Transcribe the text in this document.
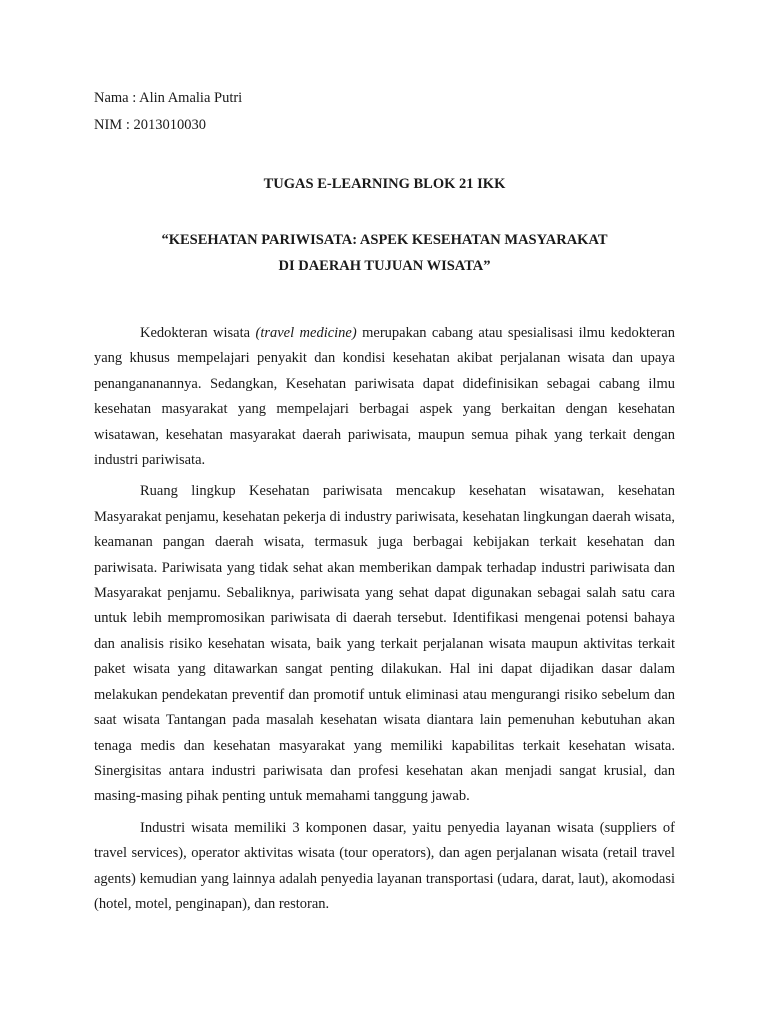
Nama : Alin Amalia Putri

NIM : 2013010030

TUGAS E-LEARNING BLOK 21 IKK

“KESEHATAN PARIWISATA: ASPEK KESEHATAN MASYARAKAT

DI DAERAH TUJUAN WISATA”

Kedokteran wisata (travel medicine) merupakan cabang atau spesialisasi ilmu kedokteran yang khusus mempelajari penyakit dan kondisi kesehatan akibat perjalanan wisata dan upaya penangananannya. Sedangkan, Kesehatan pariwisata dapat didefinisikan sebagai cabang ilmu kesehatan masyarakat yang mempelajari berbagai aspek yang berkaitan dengan kesehatan wisatawan, kesehatan masyarakat daerah pariwisata, maupun semua pihak yang terkait dengan industri pariwisata.

Ruang lingkup Kesehatan pariwisata mencakup kesehatan wisatawan, kesehatan Masyarakat penjamu, kesehatan pekerja di industry pariwisata, kesehatan lingkungan daerah wisata, keamanan pangan daerah wisata, termasuk juga berbagai kebijakan terkait kesehatan dan pariwisata. Pariwisata yang tidak sehat akan memberikan dampak terhadap industri pariwisata dan Masyarakat penjamu. Sebaliknya, pariwisata yang sehat dapat digunakan sebagai salah satu cara untuk lebih mempromosikan pariwisata di daerah tersebut. Identifikasi mengenai potensi bahaya dan analisis risiko kesehatan wisata, baik yang terkait perjalanan wisata maupun aktivitas terkait paket wisata yang ditawarkan sangat penting dilakukan. Hal ini dapat dijadikan dasar dalam melakukan pendekatan preventif dan promotif untuk eliminasi atau mengurangi risiko sebelum dan saat wisata Tantangan pada masalah kesehatan wisata diantara lain pemenuhan kebutuhan akan tenaga medis dan kesehatan masyarakat yang memiliki kapabilitas terkait kesehatan wisata. Sinergisitas antara industri pariwisata dan profesi kesehatan akan menjadi sangat krusial, dan masing-masing pihak penting untuk memahami tanggung jawab.

Industri wisata memiliki 3 komponen dasar, yaitu penyedia layanan wisata (suppliers of travel services), operator aktivitas wisata (tour operators), dan agen perjalanan wisata (retail travel agents) kemudian yang lainnya adalah penyedia layanan transportasi (udara, darat, laut), akomodasi (hotel, motel, penginapan), dan restoran.
